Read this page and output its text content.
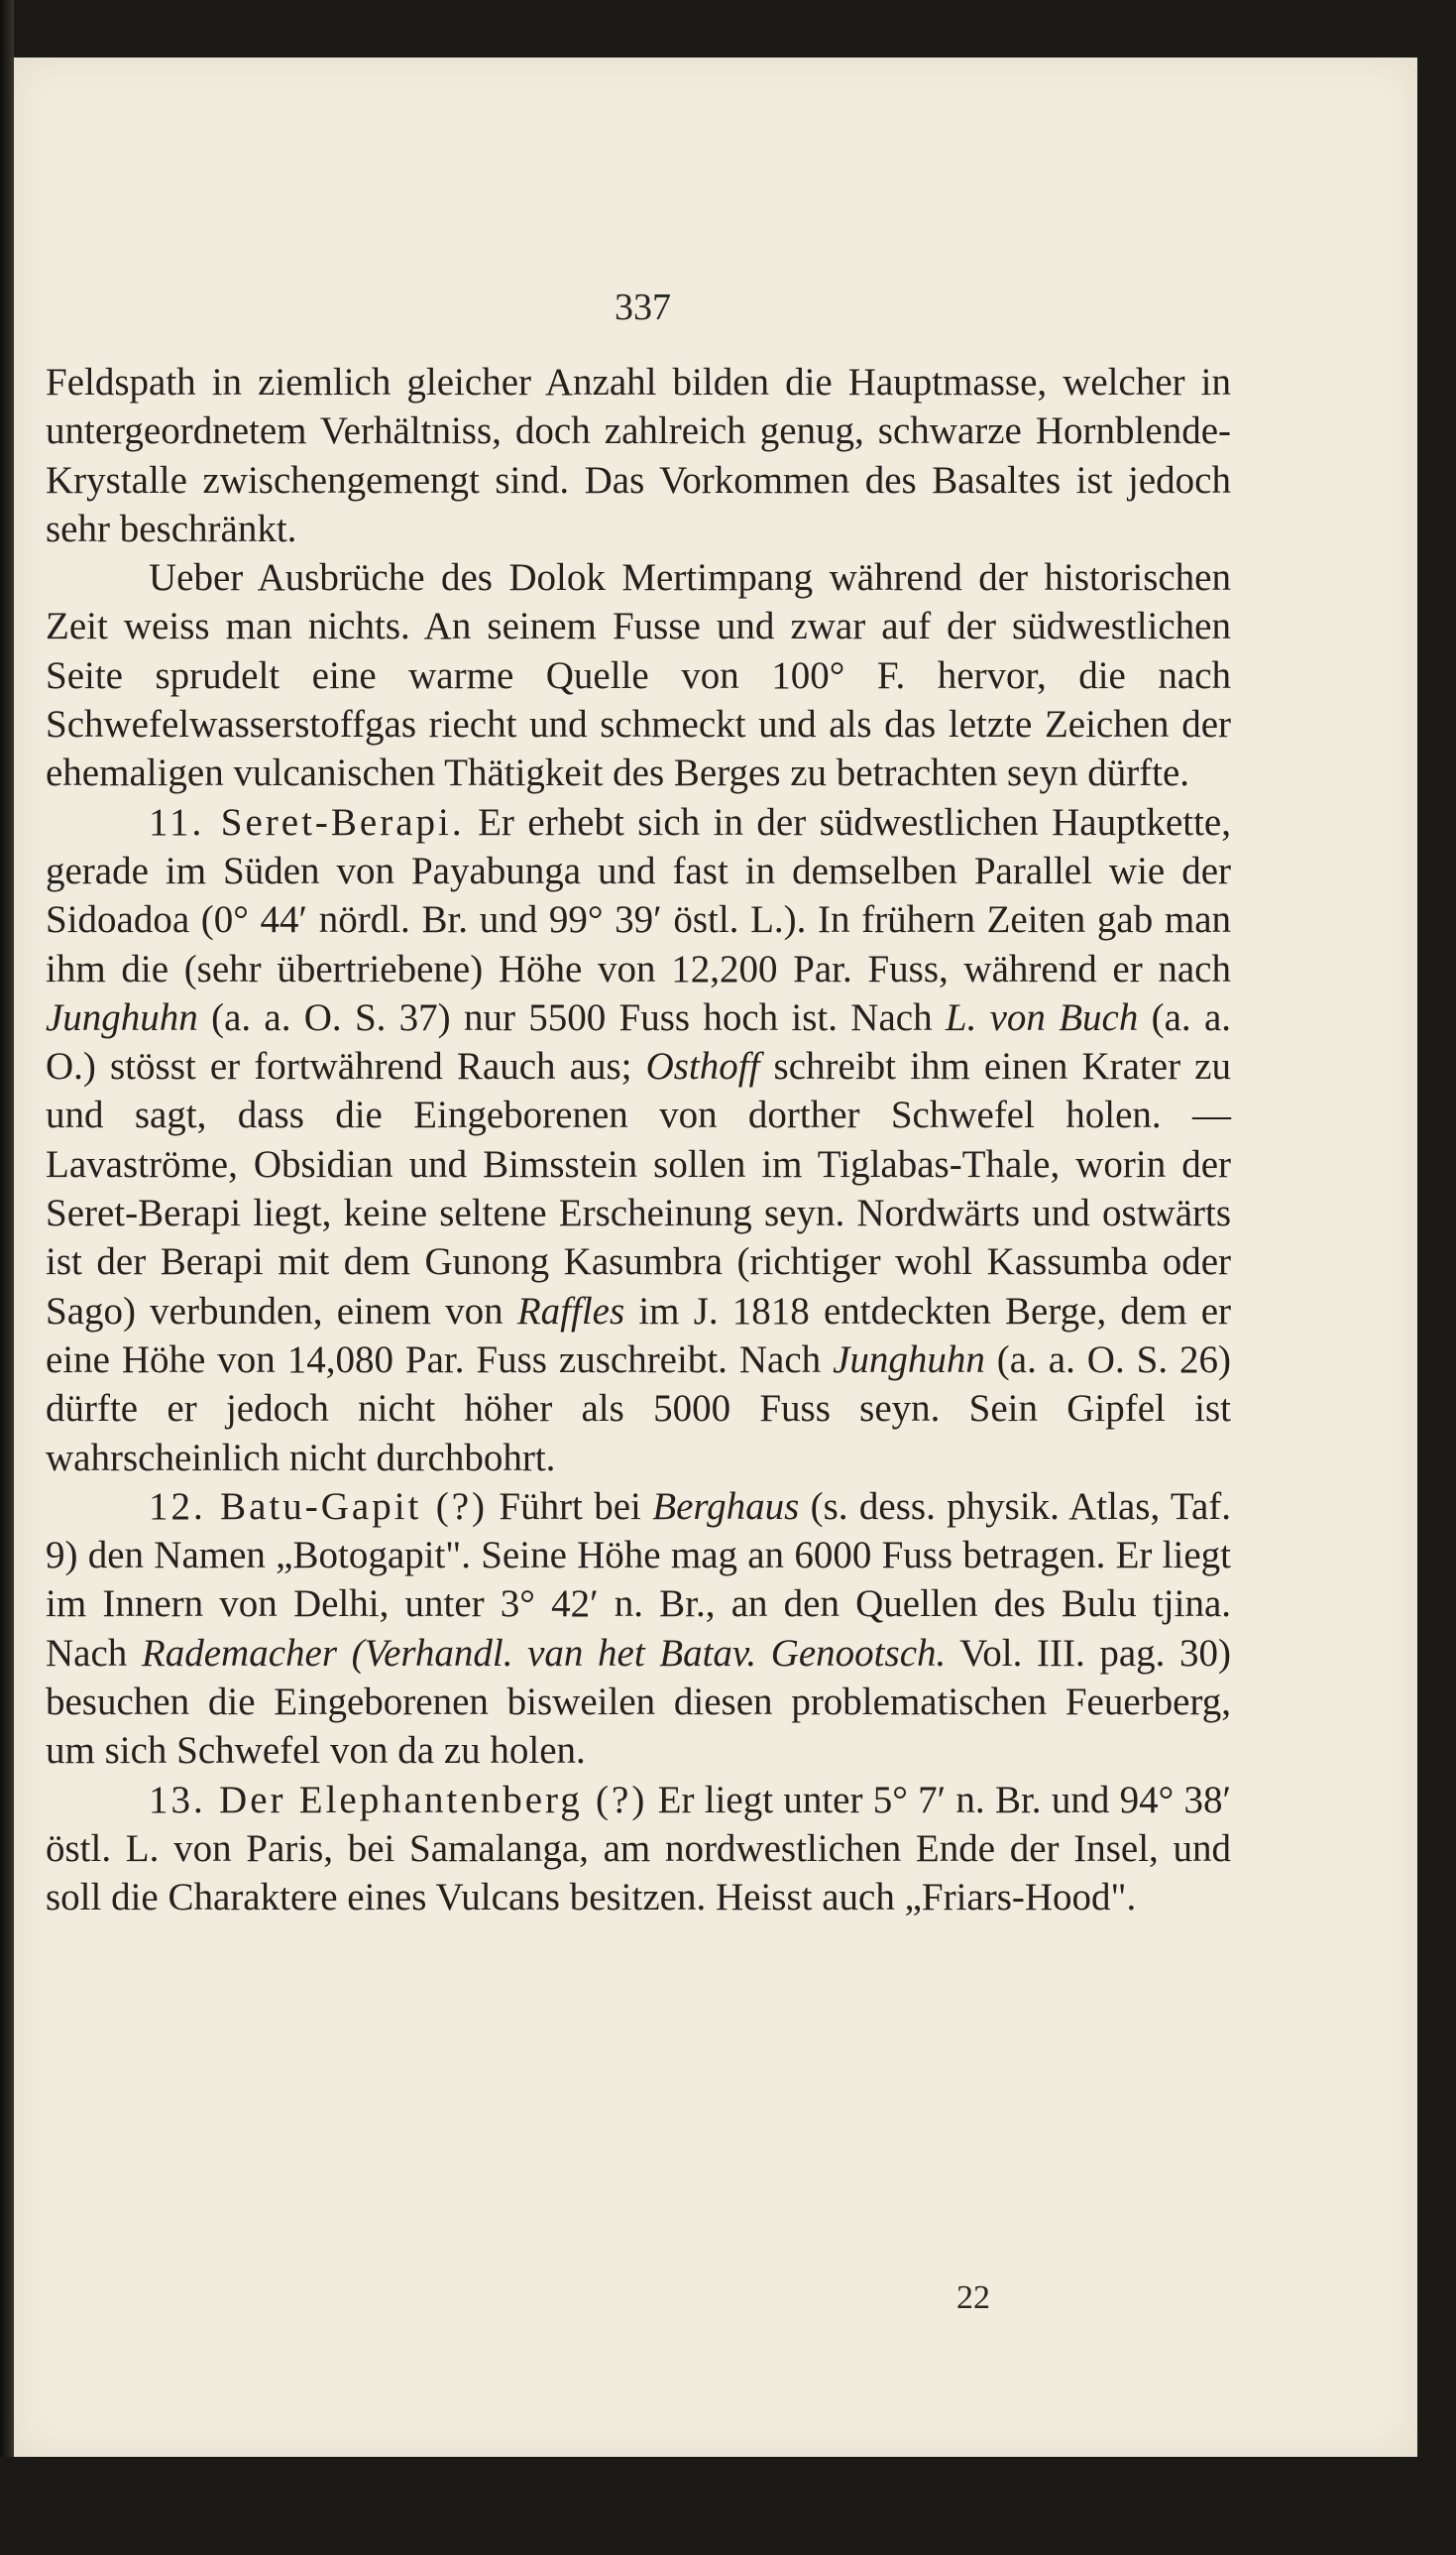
337

Feldspath in ziemlich gleicher Anzahl bilden die Hauptmasse, welcher in untergeordnetem Verhältniss, doch zahlreich genug, schwarze Hornblende-Krystalle zwischengemengt sind. Das Vorkommen des Basaltes ist jedoch sehr beschränkt.

Ueber Ausbrüche des Dolok Mertimpang während der historischen Zeit weiss man nichts. An seinem Fusse und zwar auf der südwestlichen Seite sprudelt eine warme Quelle von 100° F. hervor, die nach Schwefelwasserstoffgas riecht und schmeckt und als das letzte Zeichen der ehemaligen vulcanischen Thätigkeit des Berges zu betrachten seyn dürfte.

11. Seret-Berapi. Er erhebt sich in der südwestlichen Hauptkette, gerade im Süden von Payabunga und fast in demselben Parallel wie der Sidoadoa (0° 44′ nördl. Br. und 99° 39′ östl. L.). In frühern Zeiten gab man ihm die (sehr übertriebene) Höhe von 12,200 Par. Fuss, während er nach Junghuhn (a. a. O. S. 37) nur 5500 Fuss hoch ist. Nach L. von Buch (a. a. O.) stösst er fortwährend Rauch aus; Osthoff schreibt ihm einen Krater zu und sagt, dass die Eingeborenen von dorther Schwefel holen. — Lavaströme, Obsidian und Bimsstein sollen im Tiglabas-Thale, worin der Seret-Berapi liegt, keine seltene Erscheinung seyn. Nordwärts und ostwärts ist der Berapi mit dem Gunong Kasumbra (richtiger wohl Kassumba oder Sago) verbunden, einem von Raffles im J. 1818 entdeckten Berge, dem er eine Höhe von 14,080 Par. Fuss zuschreibt. Nach Junghuhn (a. a. O. S. 26) dürfte er jedoch nicht höher als 5000 Fuss seyn. Sein Gipfel ist wahrscheinlich nicht durchbohrt.

12. Batu-Gapit (?) Führt bei Berghaus (s. dess. physik. Atlas, Taf. 9) den Namen „Botogapit". Seine Höhe mag an 6000 Fuss betragen. Er liegt im Innern von Delhi, unter 3° 42′ n. Br., an den Quellen des Bulu tjina. Nach Rademacher (Verhandl. van het Batav. Genootsch. Vol. III. pag. 30) besuchen die Eingeborenen bisweilen diesen problematischen Feuerberg, um sich Schwefel von da zu holen.

13. Der Elephantenberg (?) Er liegt unter 5° 7′ n. Br. und 94° 38′ östl. L. von Paris, bei Samalanga, am nordwestlichen Ende der Insel, und soll die Charaktere eines Vulcans besitzen. Heisst auch „Friars-Hood".

22
